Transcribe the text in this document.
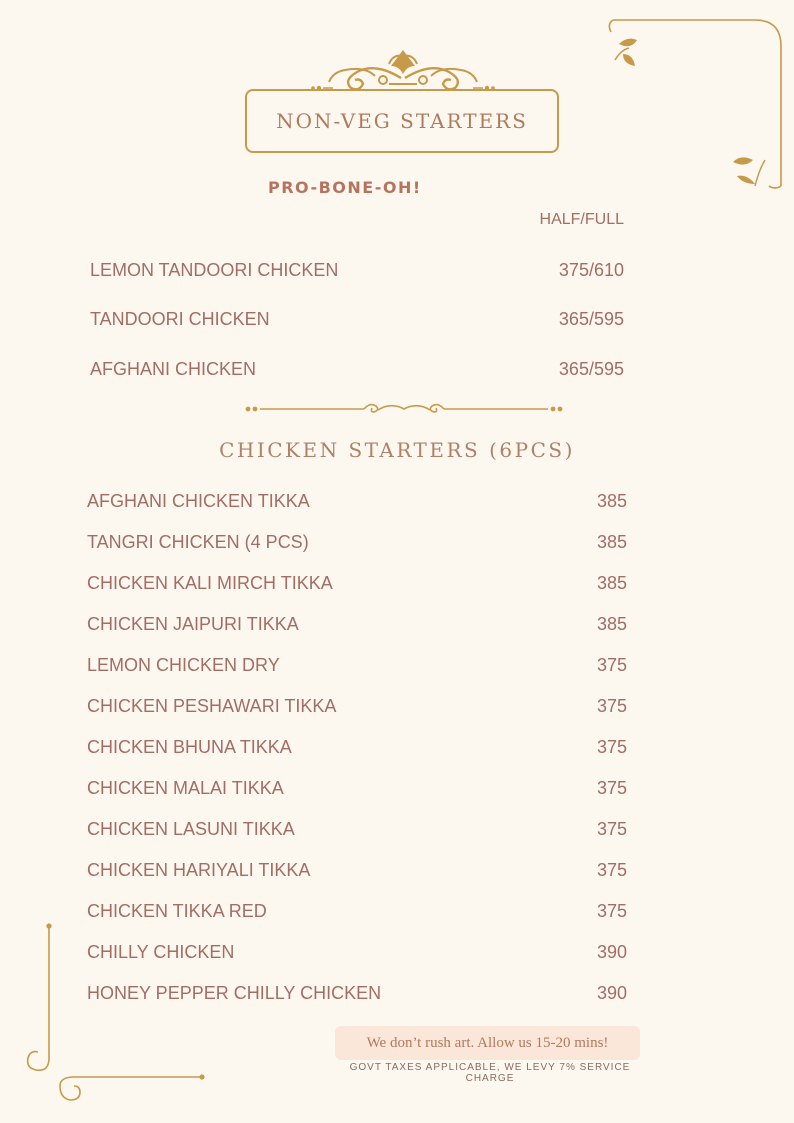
NON-VEG STARTERS
PRO-BONE-OH!
HALF/FULL
LEMON TANDOORI CHICKEN	375/610
TANDOORI CHICKEN	365/595
AFGHANI CHICKEN	365/595
CHICKEN STARTERS (6PCS)
AFGHANI CHICKEN TIKKA	385
TANGRI CHICKEN (4 PCS)	385
CHICKEN KALI MIRCH TIKKA	385
CHICKEN JAIPURI TIKKA	385
LEMON CHICKEN DRY	375
CHICKEN PESHAWARI TIKKA	375
CHICKEN BHUNA TIKKA	375
CHICKEN MALAI TIKKA	375
CHICKEN LASUNI TIKKA	375
CHICKEN HARIYALI TIKKA	375
CHICKEN TIKKA RED	375
CHILLY CHICKEN	390
HONEY PEPPER CHILLY CHICKEN	390
We don’t rush art. Allow us 15-20 mins!
GOVT TAXES APPLICABLE, WE LEVY 7% SERVICE CHARGE
